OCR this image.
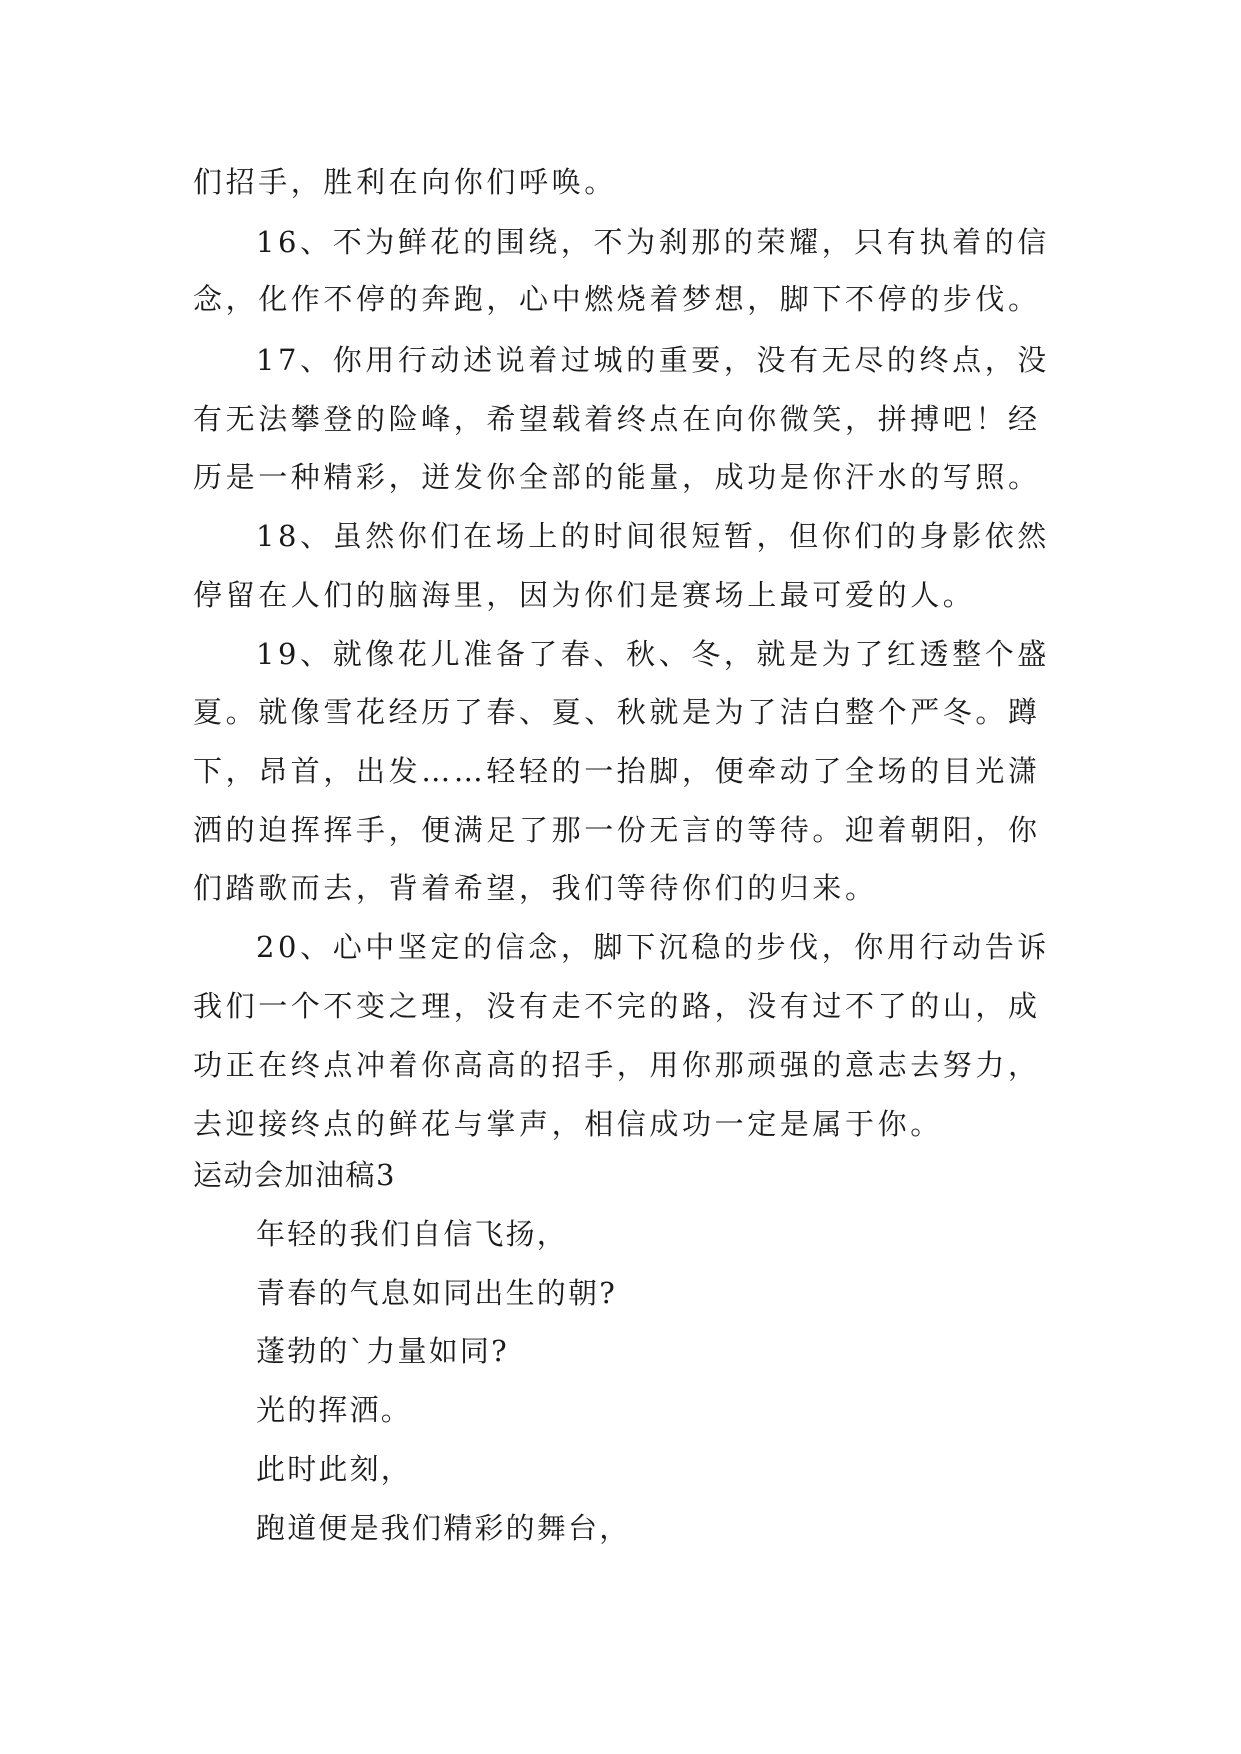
们招手，胜利在向你们呼唤。
16、不为鲜花的围绕，不为刹那的荣耀，只有执着的信
念，化作不停的奔跑，心中燃烧着梦想，脚下不停的步伐。
17、你用行动述说着过城的重要，没有无尽的终点，没
有无法攀登的险峰，希望载着终点在向你微笑，拼搏吧！经
历是一种精彩，迸发你全部的能量，成功是你汗水的写照。
18、虽然你们在场上的时间很短暂，但你们的身影依然
停留在人们的脑海里，因为你们是赛场上最可爱的人。
19、就像花儿准备了春、秋、冬，就是为了红透整个盛
夏。就像雪花经历了春、夏、秋就是为了洁白整个严冬。蹲
下，昂首，出发……轻轻的一抬脚，便牵动了全场的目光潇
洒的迫挥挥手，便满足了那一份无言的等待。迎着朝阳，你
们踏歌而去，背着希望，我们等待你们的归来。
20、心中坚定的信念，脚下沉稳的步伐，你用行动告诉
我们一个不变之理，没有走不完的路，没有过不了的山，成
功正在终点冲着你高高的招手，用你那顽强的意志去努力，
去迎接终点的鲜花与掌声，相信成功一定是属于你。
运动会加油稿3
年轻的我们自信飞扬，
青春的气息如同出生的朝?
蓬勃的`力量如同?
光的挥洒。
此时此刻，
跑道便是我们精彩的舞台，
